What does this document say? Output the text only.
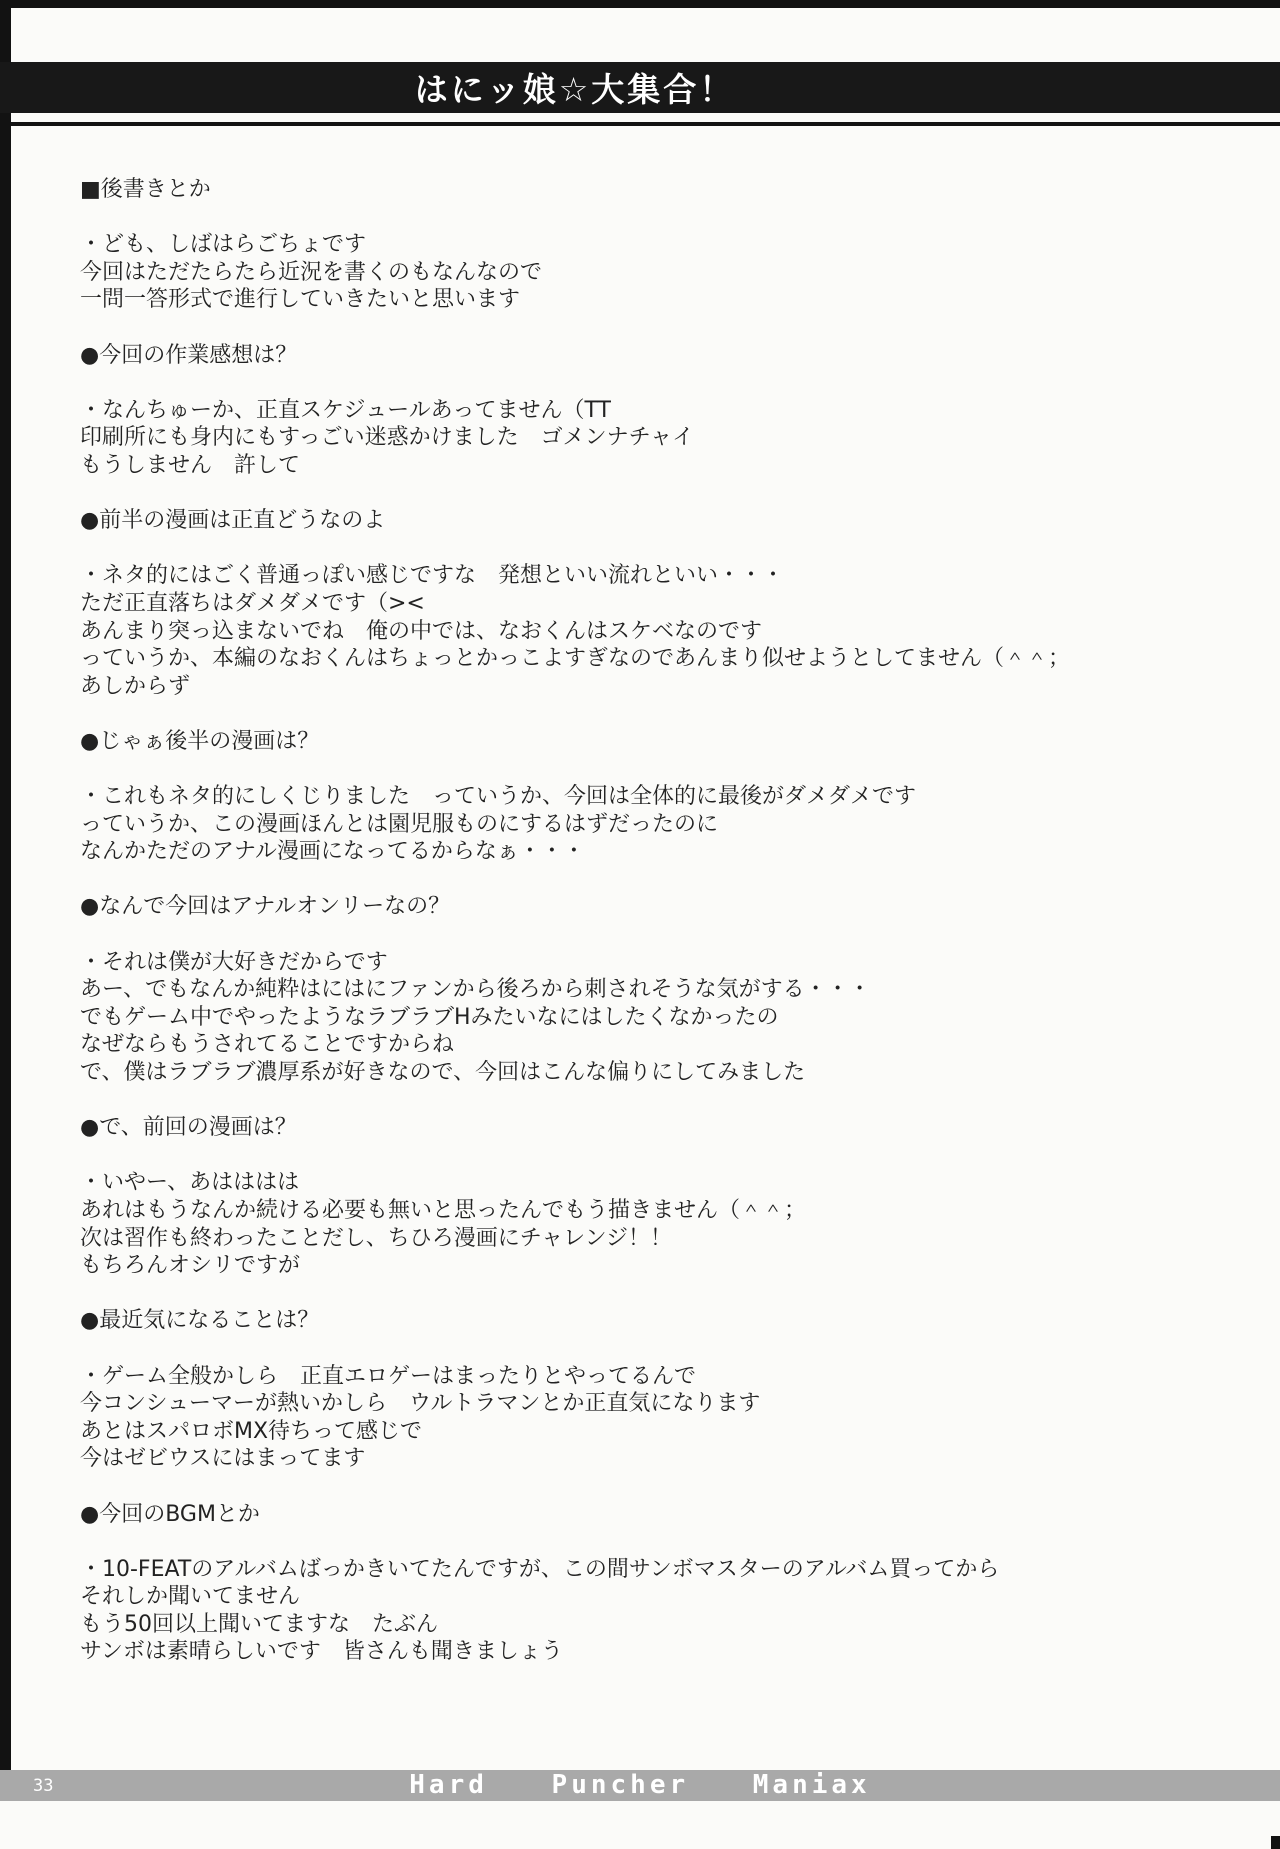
はにッ娘☆大集合！
■後書きとか
・ども、しばはらごちょです
今回はただたらたら近況を書くのもなんなので
一問一答形式で進行していきたいと思います
●今回の作業感想は？
・なんちゅーか、正直スケジュールあってません（TT
印刷所にも身内にもすっごい迷惑かけました　ゴメンナチャイ
もうしません　許して
●前半の漫画は正直どうなのよ
・ネタ的にはごく普通っぽい感じですな　発想といい流れといい・・・
ただ正直落ちはダメダメです（><
あんまり突っ込まないでね　俺の中では、なおくんはスケベなのです
っていうか、本編のなおくんはちょっとかっこよすぎなのであんまり似せようとしてません（＾＾；
あしからず
●じゃぁ後半の漫画は？
・これもネタ的にしくじりました　っていうか、今回は全体的に最後がダメダメです
っていうか、この漫画ほんとは園児服ものにするはずだったのに
なんかただのアナル漫画になってるからなぁ・・・
●なんで今回はアナルオンリーなの？
・それは僕が大好きだからです
あー、でもなんか純粋はにはにファンから後ろから刺されそうな気がする・・・
でもゲーム中でやったようなラブラブHみたいなにはしたくなかったの
なぜならもうされてることですからね
で、僕はラブラブ濃厚系が好きなので、今回はこんな偏りにしてみました
●で、前回の漫画は？
・いやー、あはははは
あれはもうなんか続ける必要も無いと思ったんでもう描きません（＾＾；
次は習作も終わったことだし、ちひろ漫画にチャレンジ！！
もちろんオシリですが
●最近気になることは？
・ゲーム全般かしら　正直エロゲーはまったりとやってるんで
今コンシューマーが熱いかしら　ウルトラマンとか正直気になります
あとはスパロボMX待ちって感じで
今はゼビウスにはまってます
●今回のBGMとか
・10-FEATのアルバムばっかきいてたんですが、この間サンボマスターのアルバム買ってから
それしか聞いてません
もう50回以上聞いてますな　たぶん
サンボは素晴らしいです　皆さんも聞きましょう
Hard Puncher Maniax
33
